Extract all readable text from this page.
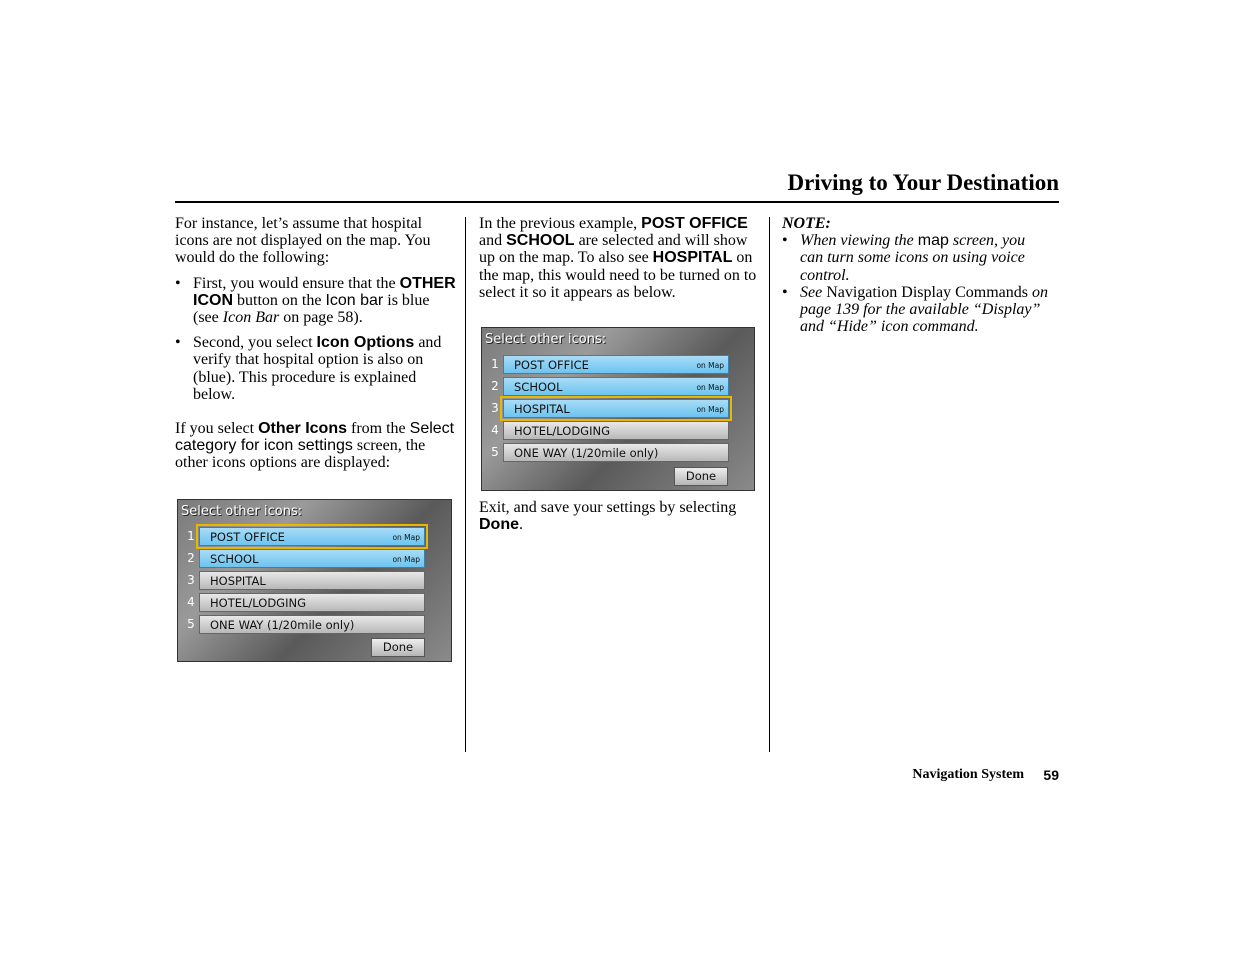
Driving to Your Destination

For instance, let’s assume that hospital icons are not displayed on the map. You would do the following:

• First, you would ensure that the OTHER ICON button on the Icon bar is blue (see Icon Bar on page 58).

• Second, you select Icon Options and verify that hospital option is also on (blue). This procedure is explained below.

If you select Other Icons from the Select category for icon settings screen, the other icons options are displayed:

Select other icons:
1	POST OFFICE	on Map
2	SCHOOL	on Map
3	HOSPITAL
4	HOTEL/LODGING
5	ONE WAY (1/20mile only)
Done

In the previous example, POST OFFICE and SCHOOL are selected and will show up on the map. To also see HOSPITAL on the map, this would need to be turned on to select it so it appears as below.

Select other icons:
1	POST OFFICE	on Map
2	SCHOOL	on Map
3	HOSPITAL	on Map
4	HOTEL/LODGING
5	ONE WAY (1/20mile only)
Done

Exit, and save your settings by selecting Done.

NOTE:

• When viewing the map screen, you can turn some icons on using voice control.

• See Navigation Display Commands on page 139 for the available “Display” and “Hide” icon command.

Navigation System 59
